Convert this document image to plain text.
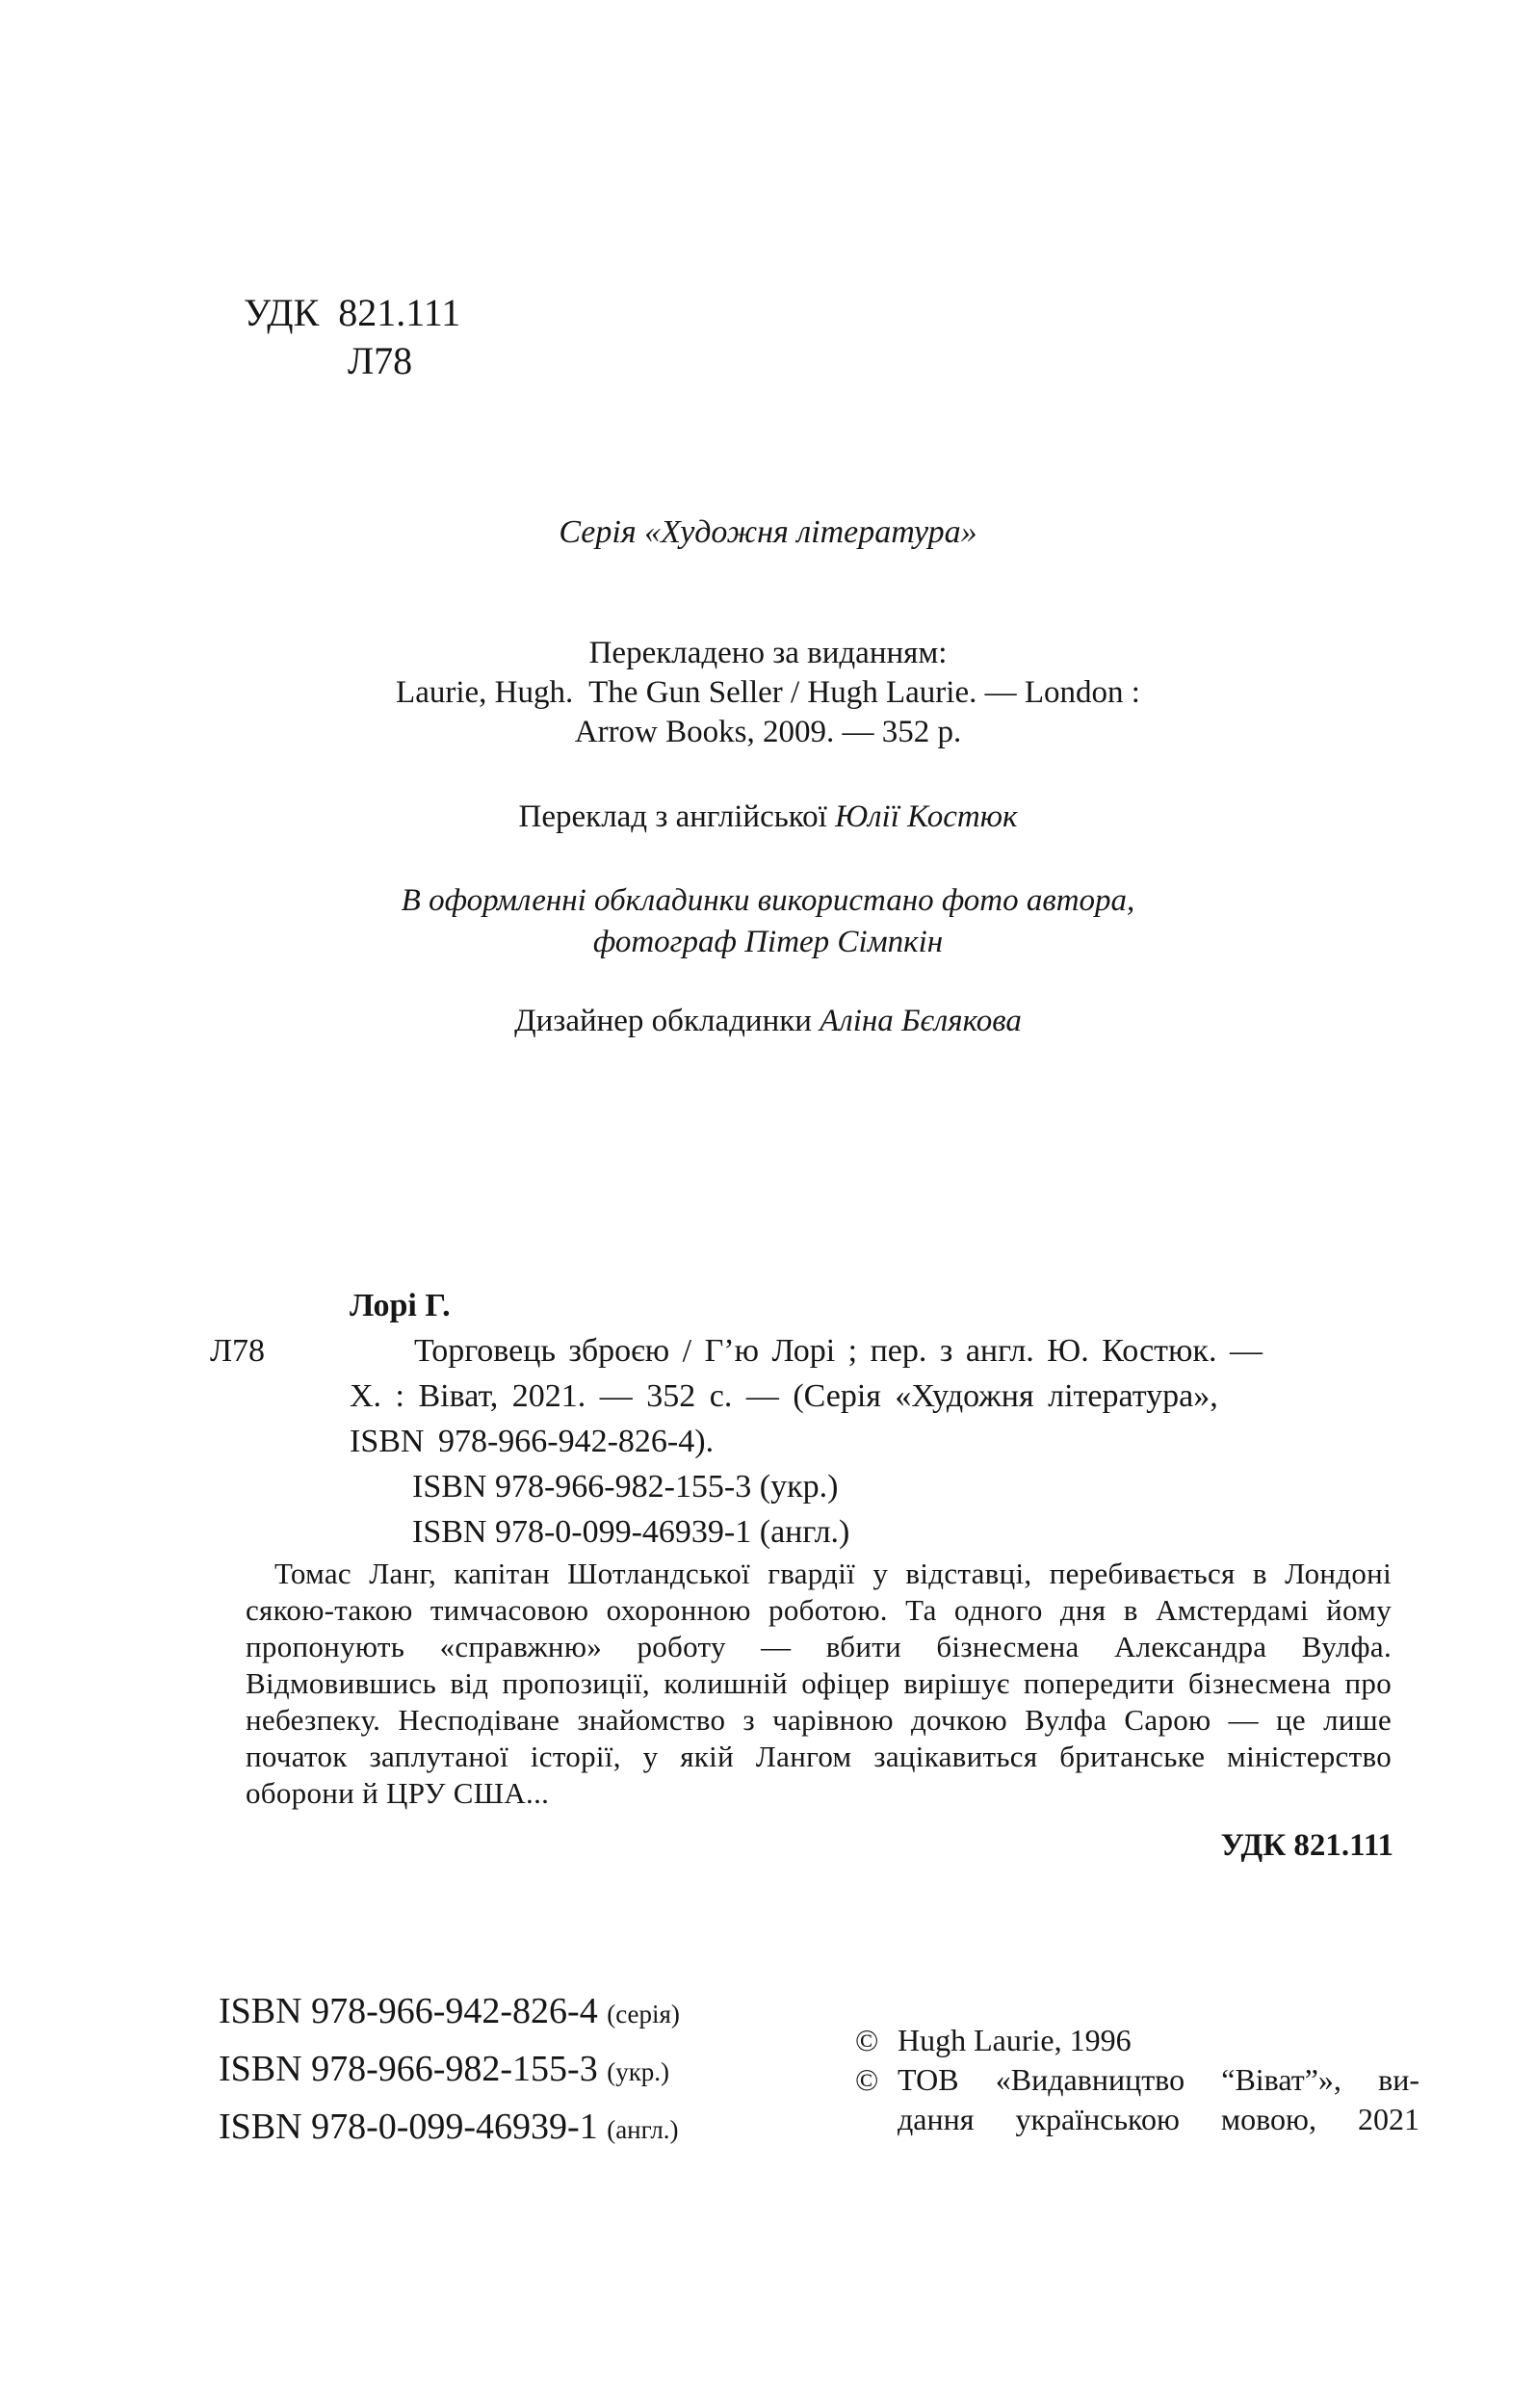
УДК  821.111
Л78
Серія «Художня література»
Перекладено за виданням:
Laurie, Hugh.  The Gun Seller / Hugh Laurie. — London :
Arrow Books, 2009. — 352 p.
Переклад з англійської Юлії Костюк
В оформленні обкладинки використано фото автора,
фотограф Пітер Сімпкін
Дизайнер обкладинки Аліна Бєлякова
Лорі Г.
Л78	Торговець зброєю / Г’ю Лорі ; пер. з англ. Ю. Костюк. —
Х. : Віват, 2021. — 352 с. — (Серія «Художня література»,
ISBN 978-966-942-826-4).
ISBN 978-966-982-155-3 (укр.)
ISBN 978-0-099-46939-1 (англ.)
Томас Ланг, капітан Шотландської гвардії у відставці, перебивається в Лондоні сякою-такою тимчасовою охоронною роботою. Та одного дня в Амстердамі йому пропонують «справжню» роботу — вбити бізнесмена Александра Вулфа. Відмовившись від пропозиції, колишній офіцер вирішує попередити бізнесмена про небезпеку. Несподіване знайомство з чарівною дочкою Вулфа Сарою — це лише початок заплутаної історії, у якій Лангом зацікавиться британське міністерство оборони й ЦРУ США...
УДК 821.111
ISBN 978-966-942-826-4 (серія)
ISBN 978-966-982-155-3 (укр.)
ISBN 978-0-099-46939-1 (англ.)
© Hugh Laurie, 1996
© ТОВ «Видавництво “Віват”», ви-
дання українською мовою, 2021
